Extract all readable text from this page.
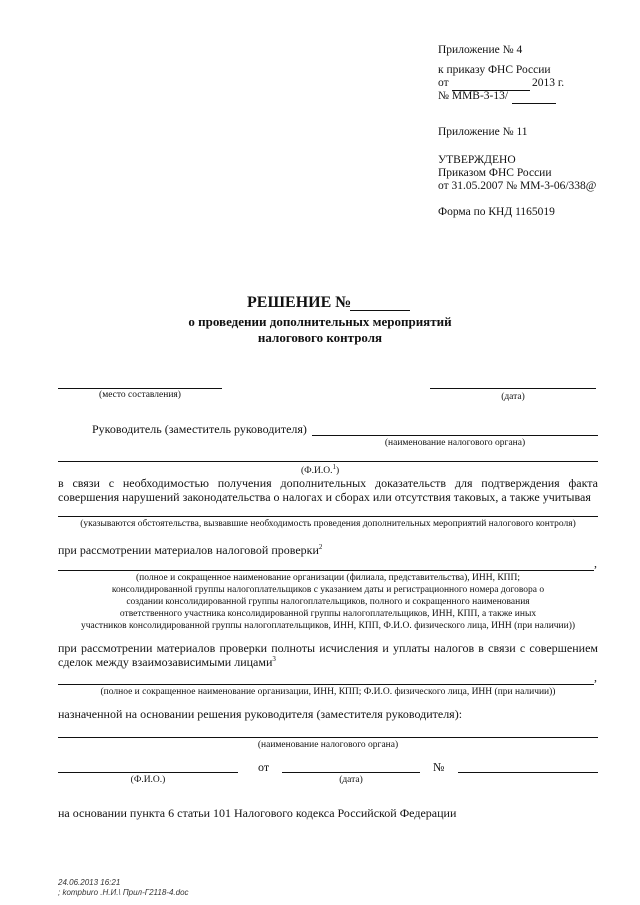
Приложение № 4
к приказу ФНС России
от	2013 г.
№ ММВ-3-13/
Приложение № 11
УТВЕРЖДЕНО
Приказом ФНС России
от 31.05.2007 № ММ-3-06/338@
Форма по КНД 1165019
РЕШЕНИЕ №
о проведении дополнительных мероприятий
налогового контроля
(место составления)	(дата)
Руководитель (заместитель руководителя)
(наименование налогового органа)
(Ф.И.О.$^1$)
в связи с необходимостью получения дополнительных доказательств для подтверждения факта
совершения нарушений законодательства о налогах и сборах или отсутствия таковых, а также учитывая
(указываются обстоятельства, вызвавшие необходимость проведения дополнительных мероприятий налогового контроля)
при рассмотрении материалов налоговой проверки$^2$
,
(полное и сокращенное наименование организации (филиала, представительства), ИНН, КПП;
консолидированной группы налогоплательщиков с указанием даты и регистрационного номера договора о
создании консолидированной группы налогоплательщиков, полного и сокращенного наименования
ответственного участника консолидированной группы налогоплательщиков, ИНН, КПП, а также иных
участников консолидированной группы налогоплательщиков, ИНН, КПП, Ф.И.О. физического лица, ИНН (при наличии))
при рассмотрении материалов проверки полноты исчисления и уплаты налогов в связи с совершением
сделок между взаимозависимыми лицами$^3$
,
(полное и сокращенное наименование организации, ИНН, КПП; Ф.И.О. физического лица, ИНН (при наличии))
назначенной на основании решения руководителя (заместителя руководителя):
(наименование налогового органа)
от	№
(Ф.И.О.)	(дата)
на основании пункта 6 статьи 101 Налогового кодекса Российской Федерации
24.06.2013 16:21
; kompburo .Н.И.\ Прил-Г2118-4.doc
